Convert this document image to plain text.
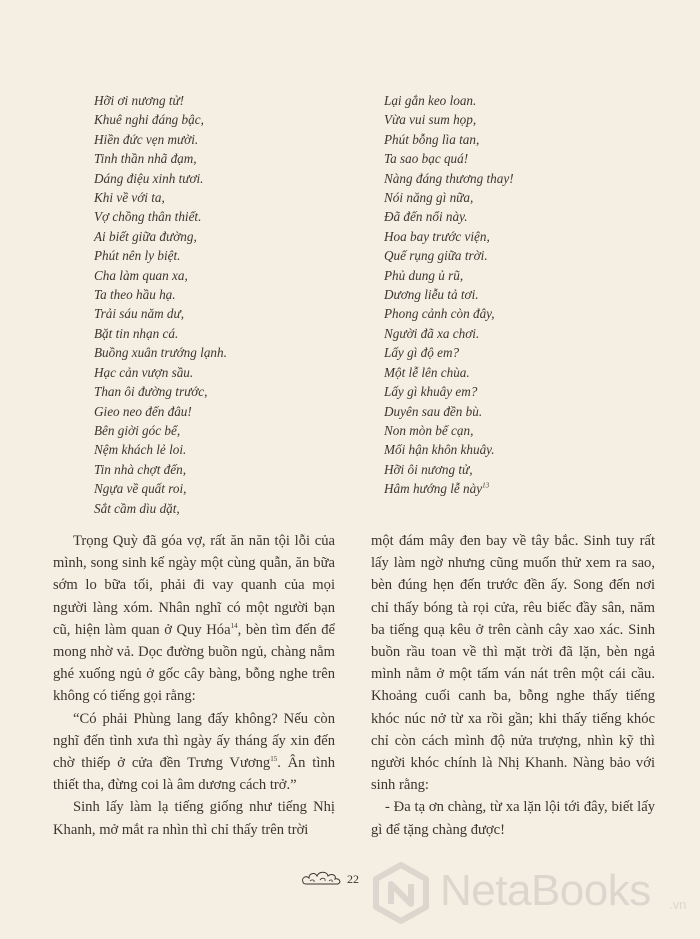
Hỡi ơi nương tử!
Khuê nghi đáng bậc,
Hiền đức vẹn mười.
Tinh thần nhã đạm,
Dáng điệu xinh tươi.
Khi về với ta,
Vợ chồng thân thiết.
Ai biết giữa đường,
Phút nên ly biệt.
Cha làm quan xa,
Ta theo hầu hạ.
Trải sáu năm dư,
Bặt tin nhạn cá.
Buồng xuân trướng lạnh.
Hạc cản vượn sầu.
Than ôi đường trước,
Gieo neo đến đâu!
Bên giời góc bể,
Nệm khách lẻ loi.
Tin nhà chợt đến,
Ngựa về quất roi,
Sắt cầm dìu dặt,
Lại gắn keo loan.
Vừa vui sum họp,
Phút bỗng lìa tan,
Ta sao bạc quá!
Nàng đáng thương thay!
Nói năng gì nữa,
Đã đến nổi này.
Hoa bay trước viện,
Quế rụng giữa trời.
Phủ dung ủ rũ,
Dương liễu tả tơi.
Phong cảnh còn đây,
Người đã xa chơi.
Lấy gì độ em?
Một lễ lên chùa.
Lấy gì khuây em?
Duyên sau đền bù.
Non mòn bể cạn,
Mối hận khôn khuây.
Hỡi ôi nương tử,
Hâm hướng lễ này$^{13}$

Trọng Quỳ đã góa vợ, rất ăn năn tội lỗi của mình, song sinh kế ngày một cùng quẫn, ăn bữa sớm lo bữa tối, phải đi vay quanh của mọi người làng xóm. Nhân nghĩ có một người bạn cũ, hiện làm quan ở Quy Hóa$^{14}$, bèn tìm đến để mong nhờ vả. Dọc đường buồn ngủ, chàng nằm ghé xuống ngủ ở gốc cây bàng, bỗng nghe trên không có tiếng gọi rằng:

“Có phải Phùng lang đấy không? Nếu còn nghĩ đến tình xưa thì ngày ấy tháng ấy xin đến chờ thiếp ở cửa đền Trưng Vương$^{15}$. Ân tình thiết tha, đừng coi là âm dương cách trở.”

Sinh lấy làm lạ tiếng giống như tiếng Nhị Khanh, mở mắt ra nhìn thì chỉ thấy trên trời

một đám mây đen bay về tây bắc. Sinh tuy rất lấy làm ngờ nhưng cũng muốn thử xem ra sao, bèn đúng hẹn đến trước đền ấy. Song đến nơi chỉ thấy bóng tà rọi cửa, rêu biếc đầy sân, năm ba tiếng quạ kêu ở trên cành cây xao xác. Sinh buồn rầu toan về thì mặt trời đã lặn, bèn ngả mình nằm ở một tấm ván nát trên một cái cầu. Khoảng cuối canh ba, bỗng nghe thấy tiếng khóc núc nở từ xa rồi gần; khi thấy tiếng khóc chỉ còn cách mình độ nửa trượng, nhìn kỹ thì người khóc chính là Nhị Khanh. Nàng bảo với sinh rằng:

- Đa tạ ơn chàng, từ xa lặn lội tới đây, biết lấy gì để tặng chàng được!

22 NetaBooks .vn
